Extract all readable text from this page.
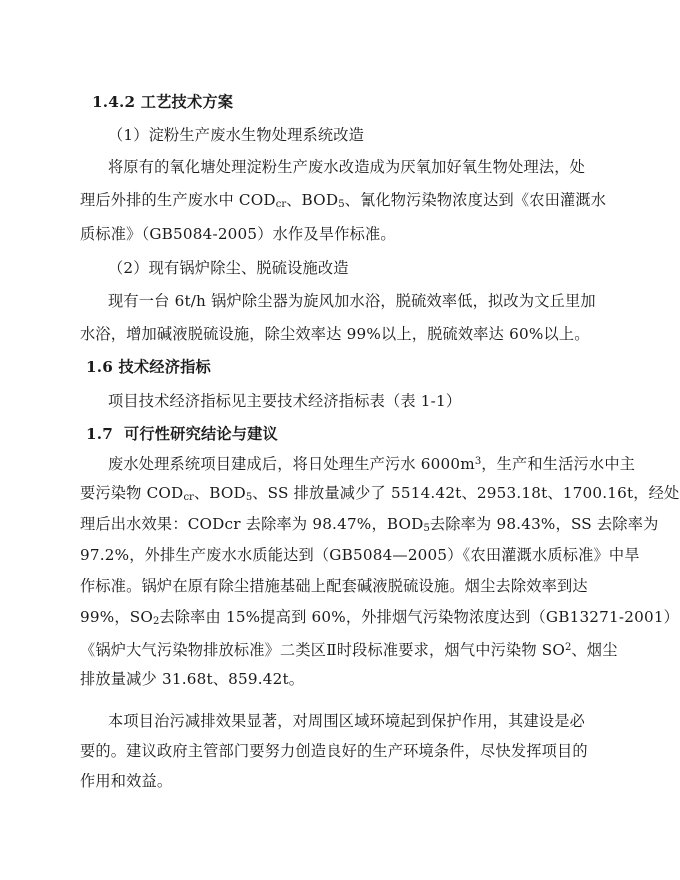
1.4.2 工艺技术方案
（1）淀粉生产废水生物处理系统改造
将原有的氧化塘处理淀粉生产废水改造成为厌氧加好氧生物处理法，处
理后外排的生产废水中 $COD_{cr}$、$BOD_5$、氰化物污染物浓度达到《农田灌溉水
质标准》（GB5084-2005）水作及旱作标准。
（2）现有锅炉除尘、脱硫设施改造
现有一台 6t/h 锅炉除尘器为旋风加水浴，脱硫效率低，拟改为文丘里加
水浴，增加碱液脱硫设施，除尘效率达 99%以上，脱硫效率达 60%以上。
1.6 技术经济指标
项目技术经济指标见主要技术经济指标表（表 1-1）
1.7 可行性研究结论与建议
废水处理系统项目建成后，将日处理生产污水 $6000m^3$，生产和生活污水中主
要污染物 $COD_{cr}$、$BOD_5$、SS 排放量减少了 5514.42t、2953.18t、1700.16t，经处
理后出水效果：CODcr 去除率为 98.47%，$BOD_5$去除率为 98.43%，SS 去除率为
97.2%，外排生产废水水质能达到（GB5084—2005）《农田灌溉水质标准》中旱
作标准。锅炉在原有除尘措施基础上配套碱液脱硫设施。烟尘去除效率到达
99%，$SO_2$去除率由 15%提高到 60%，外排烟气污染物浓度达到（GB13271-2001）
《锅炉大气污染物排放标准》二类区Ⅱ时段标准要求，烟气中污染物 $SO^2$、烟尘
排放量减少 31.68t、859.42t。
本项目治污减排效果显著，对周围区域环境起到保护作用，其建设是必
要的。建议政府主管部门要努力创造良好的生产环境条件，尽快发挥项目的
作用和效益。
